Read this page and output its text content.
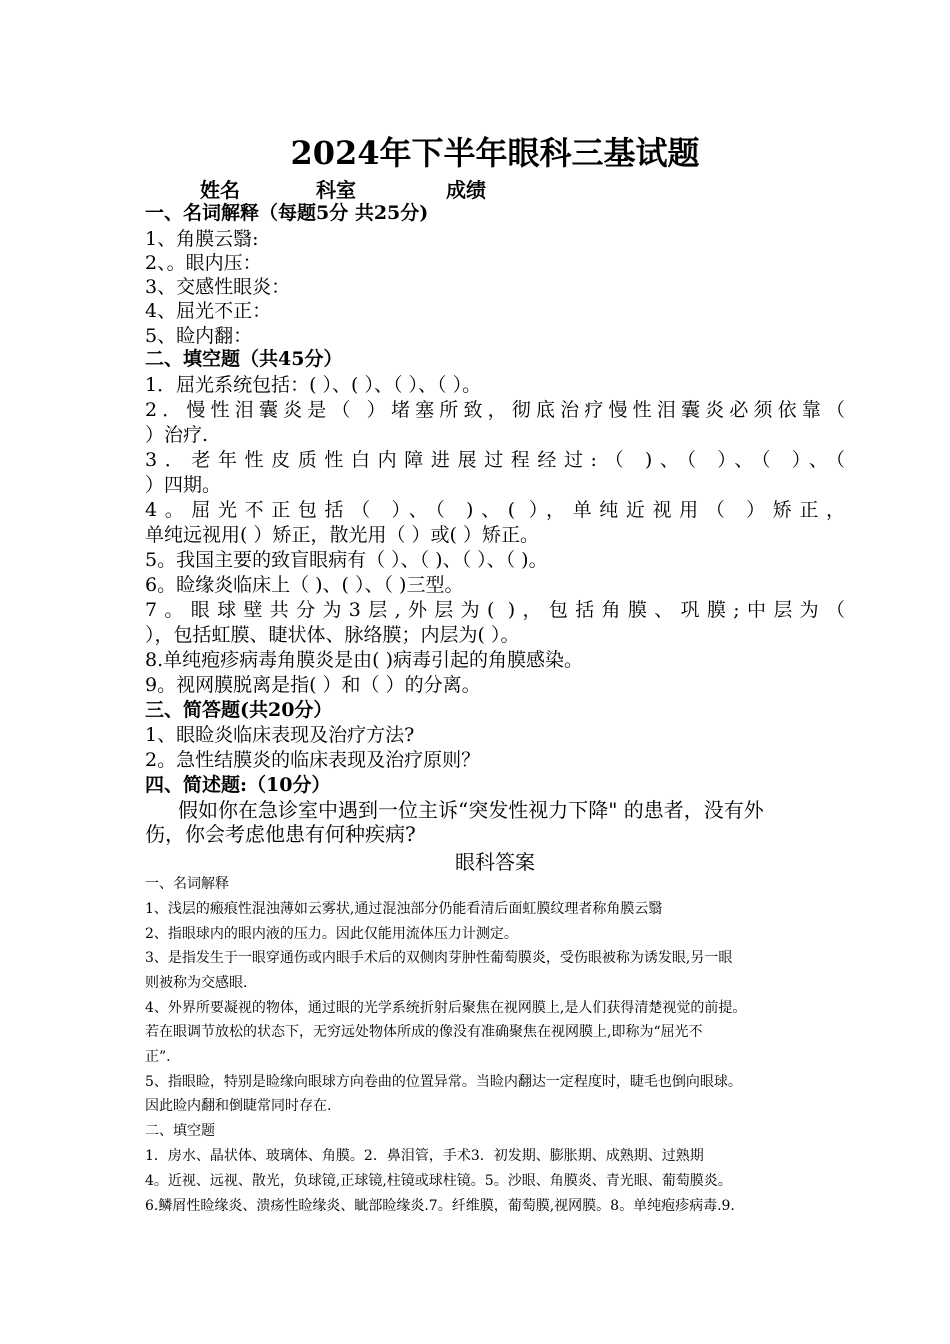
2024年下半年眼科三基试题
姓名	科室	成绩
一、名词解释（每题5分 共25分)
1、角膜云翳:
2、。眼内压：
3、交感性眼炎：
4、屈光不正：
5、睑内翻：
二、填空题（共45分）
1．屈光系统包括：( ）、( ）、（ ）、（ ）。
2．慢性泪囊炎是（ ）堵塞所致，彻底治疗慢性泪囊炎必须依靠（
）治疗.
3．老年性皮质性白内障进展过程经过:（ )、（ ）、（ ）、（
）四期。
4。屈光不正包括（ ）、（ )、( ），单纯近视用（ ）矫正，
单纯远视用( ）矫正，散光用（ ）或( ）矫正。
5。我国主要的致盲眼病有（ ）、（ )、（ ）、（ )。
6。睑缘炎临床上（ )、( ）、（ )三型。
7。眼球壁共分为3层,外层为( )，包括角膜、巩膜;中层为（
），包括虹膜、睫状体、脉络膜；内层为( ）。
8.单纯疱疹病毒角膜炎是由( )病毒引起的角膜感染。
9。视网膜脱离是指( ）和（ ）的分离。
三、简答题(共20分）
1、眼睑炎临床表现及治疗方法?
2。急性结膜炎的临床表现及治疗原则？
四、简述题:（10分）
假如你在急诊室中遇到一位主诉“突发性视力下降" 的患者，没有外
伤，你会考虑他患有何种疾病?
眼科答案
一、名词解释
1、浅层的瘢痕性混浊薄如云雾状,通过混浊部分仍能看清后面虹膜纹理者称角膜云翳
2、指眼球内的眼内液的压力。因此仅能用流体压力计测定。
3、是指发生于一眼穿通伤或内眼手术后的双侧肉芽肿性葡萄膜炎，受伤眼被称为诱发眼,另一眼
则被称为交感眼.
4、外界所要凝视的物体，通过眼的光学系统折射后聚焦在视网膜上,是人们获得清楚视觉的前提。
若在眼调节放松的状态下，无穷远处物体所成的像没有准确聚焦在视网膜上,即称为“屈光不
正”.
5、指眼睑，特别是睑缘向眼球方向卷曲的位置异常。当睑内翻达一定程度时，睫毛也倒向眼球。
因此睑内翻和倒睫常同时存在.
二、填空题
1．房水、晶状体、玻璃体、角膜。2．鼻泪管，手术3．初发期、膨胀期、成熟期、过熟期
4。近视、远视、散光，负球镜,正球镜,柱镜或球柱镜。5。沙眼、角膜炎、青光眼、葡萄膜炎。
6.鳞屑性睑缘炎、溃疡性睑缘炎、眦部睑缘炎.7。纤维膜，葡萄膜,视网膜。8。单纯疱疹病毒.9.
